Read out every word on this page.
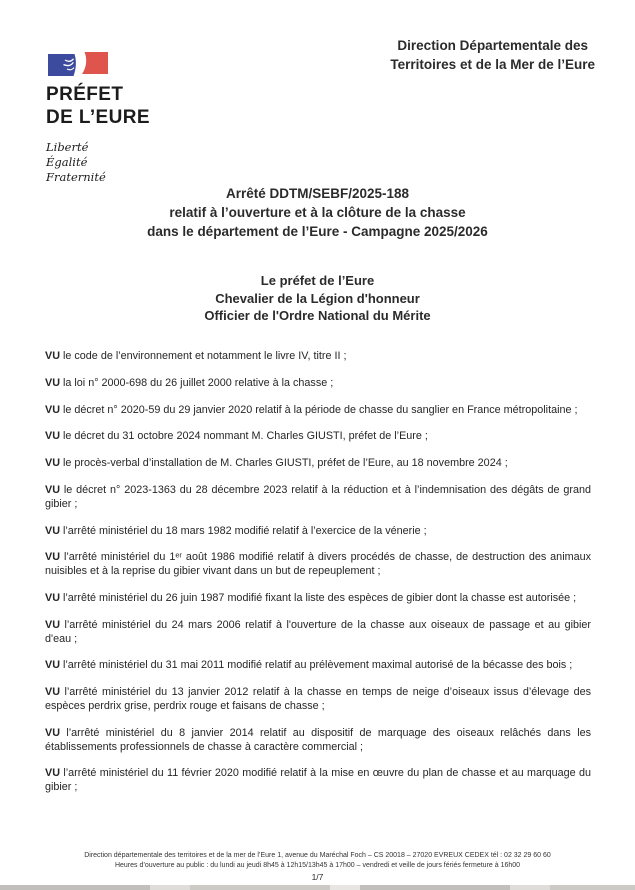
PRÉFET
DE L’EURE
Liberté
Égalité
Fraternité
Direction Départementale des
Territoires et de la Mer de l’Eure
Arrêté DDTM/SEBF/2025-188
relatif à l’ouverture et à la clôture de la chasse
dans le département de l’Eure - Campagne 2025/2026
Le préfet de l’Eure
Chevalier de la Légion d'honneur
Officier de l'Ordre National du Mérite

VU le code de l’environnement et notamment le livre IV, titre II ;

VU la loi n° 2000-698 du 26 juillet 2000 relative à la chasse ;

VU le décret n° 2020-59 du 29 janvier 2020 relatif à la période de chasse du sanglier en France métropolitaine ;

VU le décret du 31 octobre 2024 nommant M. Charles GIUSTI, préfet de l’Eure ;

VU le procès-verbal d’installation de M. Charles GIUSTI, préfet de l’Eure, au 18 novembre 2024 ;

VU le décret n° 2023-1363 du 28 décembre 2023 relatif à la réduction et à l’indemnisation des dégâts de grand gibier ;

VU l’arrêté ministériel du 18 mars 1982 modifié relatif à l’exercice de la vénerie ;

VU l’arrêté ministériel du 1ᵉʳ août 1986 modifié relatif à divers procédés de chasse, de destruction des animaux nuisibles et à la reprise du gibier vivant dans un but de repeuplement ;

VU l’arrêté ministériel du 26 juin 1987 modifié fixant la liste des espèces de gibier dont la chasse est autorisée ;

VU l’arrêté ministériel du 24 mars 2006 relatif à l'ouverture de la chasse aux oiseaux de passage et au gibier d'eau ;

VU l’arrêté ministériel du 31 mai 2011 modifié relatif au prélèvement maximal autorisé de la bécasse des bois ;

VU l’arrêté ministériel du 13 janvier 2012 relatif à la chasse en temps de neige d’oiseaux issus d’élevage des espèces perdrix grise, perdrix rouge et faisans de chasse ;

VU l’arrêté ministériel du 8 janvier 2014 relatif au dispositif de marquage des oiseaux relâchés dans les établissements professionnels de chasse à caractère commercial ;

VU l’arrêté ministériel du 11 février 2020 modifié relatif à la mise en œuvre du plan de chasse et au marquage du gibier ;

Direction départementale des territoires et de la mer de l’Eure 1, avenue du Maréchal Foch – CS 20018 – 27020 EVREUX CEDEX tél : 02 32 29 60 60
Heures d’ouverture au public : du lundi au jeudi 8h45 à 12h15/13h45 à 17h00 – vendredi et veille de jours fériés fermeture à 16h00
1/7
